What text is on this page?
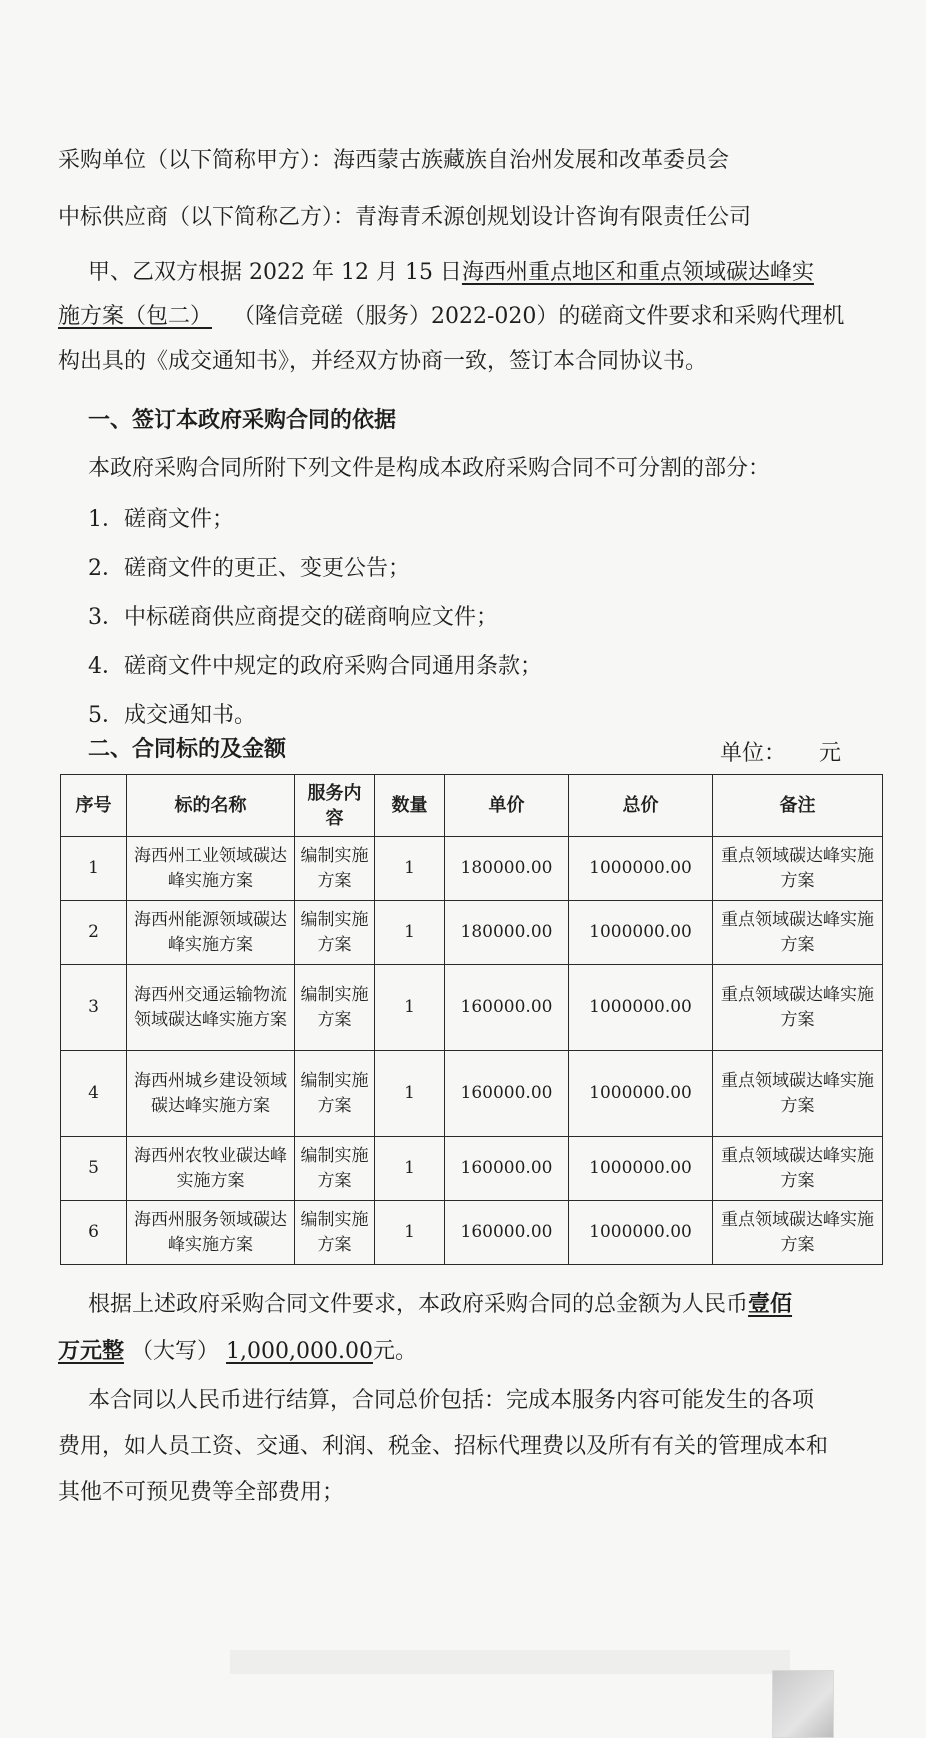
采购单位（以下简称甲方）：海西蒙古族藏族自治州发展和改革委员会
中标供应商（以下简称乙方）：青海青禾源创规划设计咨询有限责任公司
甲、乙双方根据 2022 年 12 月 15 日海西州重点地区和重点领域碳达峰实
施方案（包二） （隆信竞磋（服务）2022-020）的磋商文件要求和采购代理机
构出具的《成交通知书》，并经双方协商一致，签订本合同协议书。
一、签订本政府采购合同的依据
本政府采购合同所附下列文件是构成本政府采购合同不可分割的部分：
1．磋商文件；
2．磋商文件的更正、变更公告；
3．中标磋商供应商提交的磋商响应文件；
4．磋商文件中规定的政府采购合同通用条款；
5．成交通知书。
二、合同标的及金额	单位：　　元
序号	标的名称	服务内容	数量	单价	总价	备注
1	海西州工业领域碳达峰实施方案	编制实施方案	1	180000.00	1000000.00	重点领域碳达峰实施方案
2	海西州能源领域碳达峰实施方案	编制实施方案	1	180000.00	1000000.00	重点领域碳达峰实施方案
3	海西州交通运输物流领域碳达峰实施方案	编制实施方案	1	160000.00	1000000.00	重点领域碳达峰实施方案
4	海西州城乡建设领域碳达峰实施方案	编制实施方案	1	160000.00	1000000.00	重点领域碳达峰实施方案
5	海西州农牧业碳达峰实施方案	编制实施方案	1	160000.00	1000000.00	重点领域碳达峰实施方案
6	海西州服务领域碳达峰实施方案	编制实施方案	1	160000.00	1000000.00	重点领域碳达峰实施方案
根据上述政府采购合同文件要求，本政府采购合同的总金额为人民币壹佰
万元整 （大写） 1,000,000.00元。
本合同以人民币进行结算，合同总价包括：完成本服务内容可能发生的各项
费用，如人员工资、交通、利润、税金、招标代理费以及所有有关的管理成本和
其他不可预见费等全部费用；
